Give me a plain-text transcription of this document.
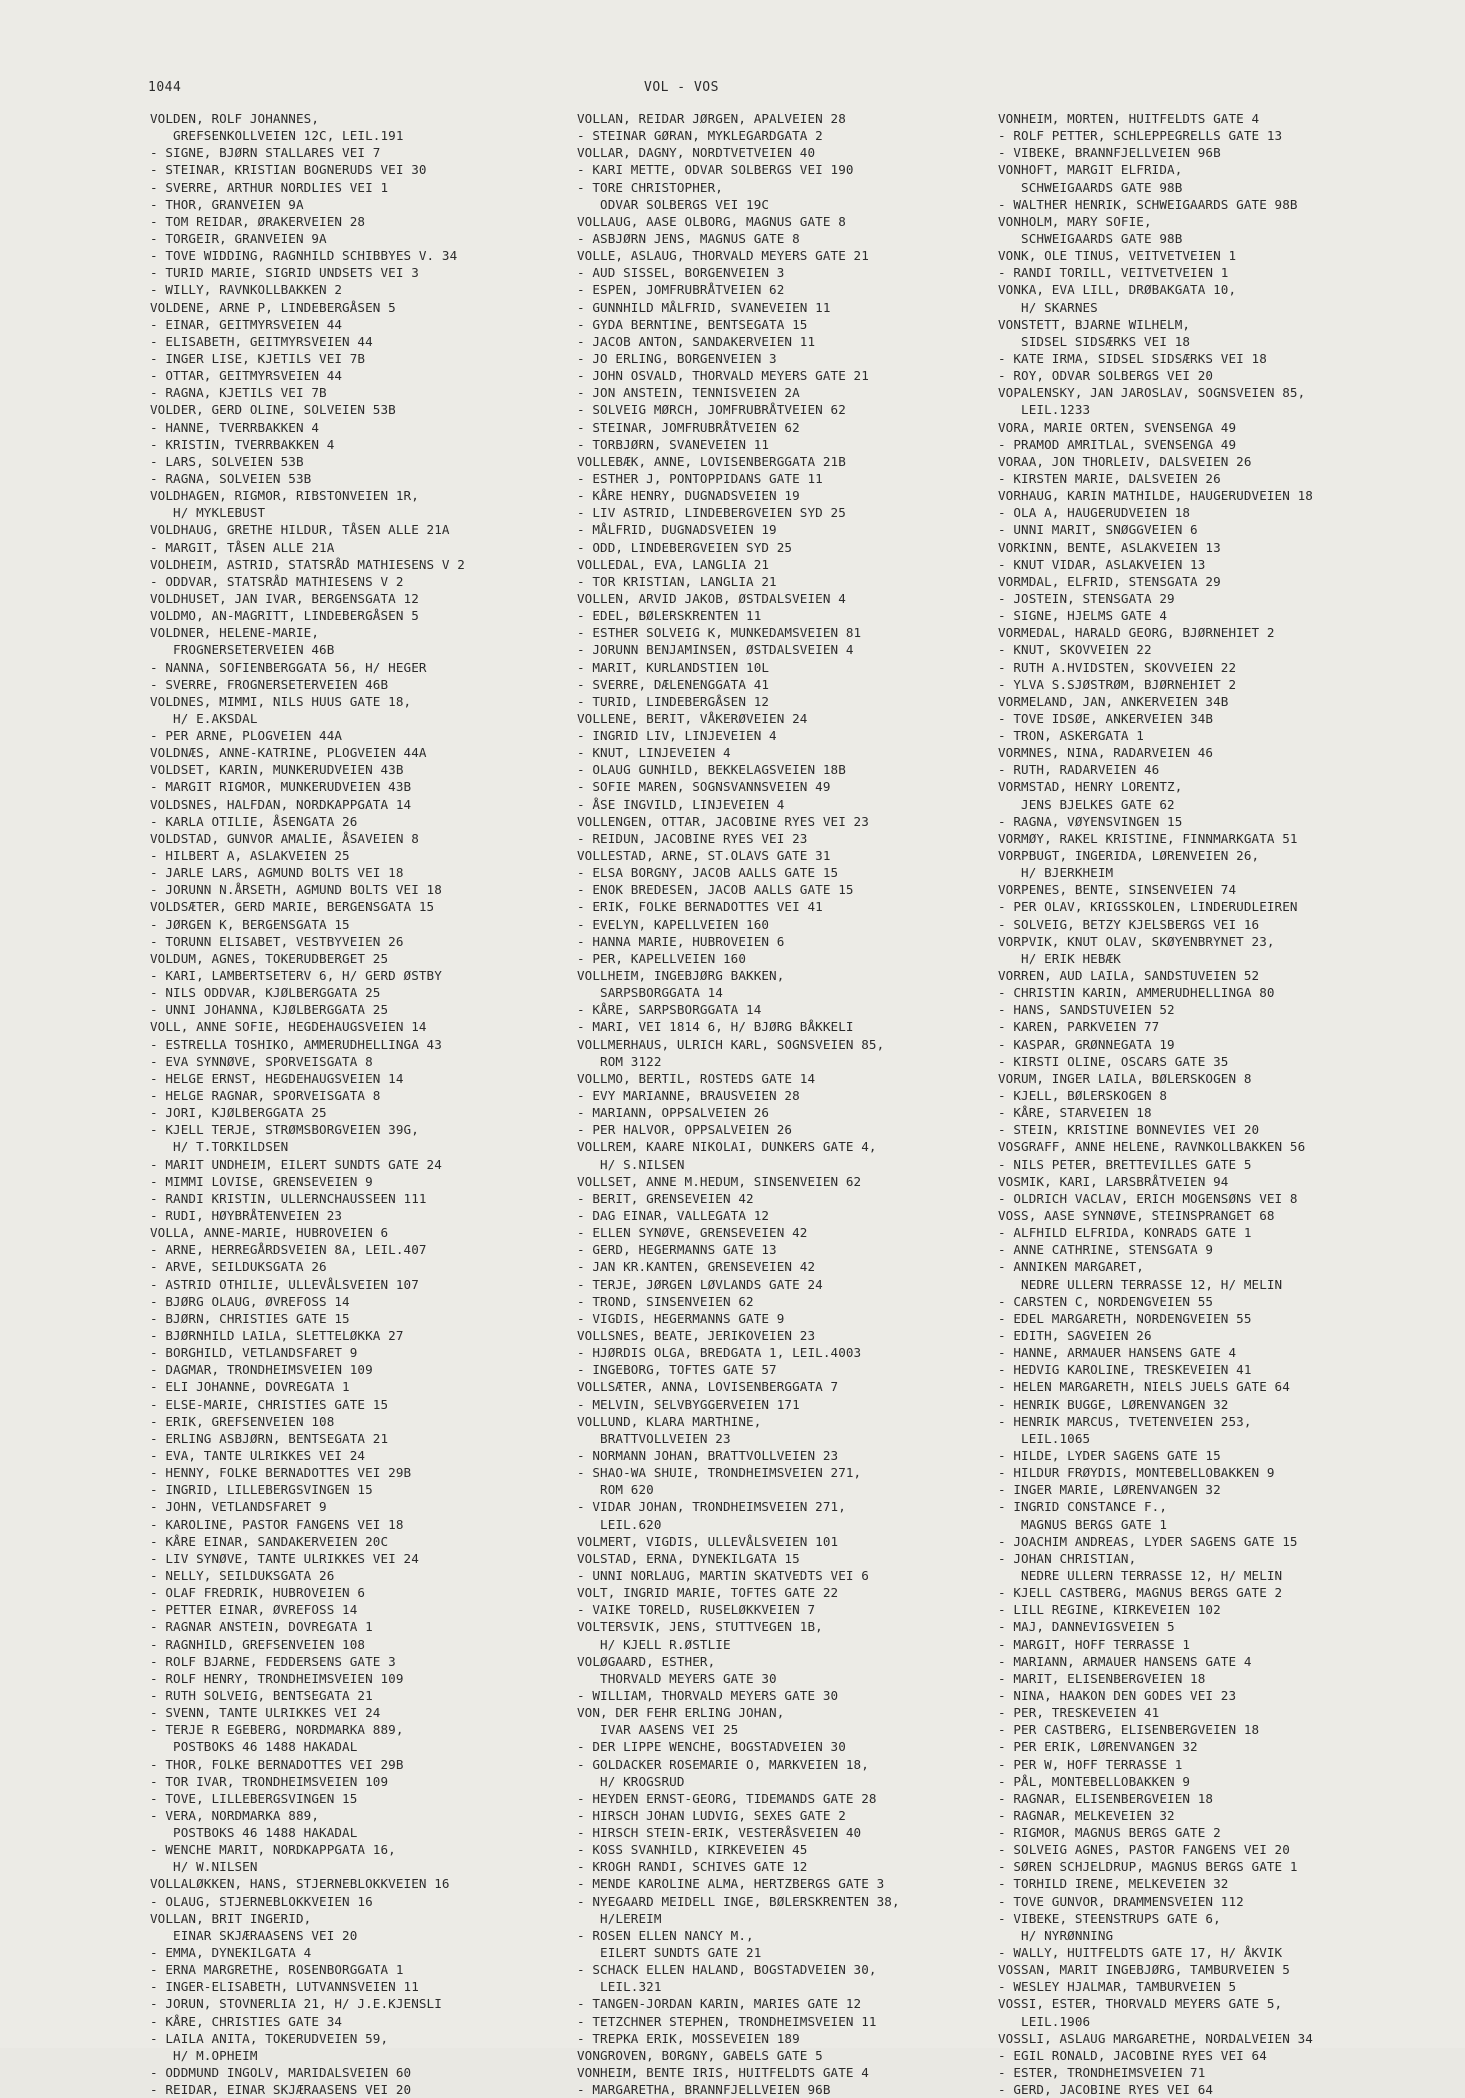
1044	VOL - VOS
VOLDEN, ROLF JOHANNES,
GREFSENKOLLVEIEN 12C, LEIL.191
- SIGNE, BJØRN STALLARES VEI 7
- STEINAR, KRISTIAN BOGNERUDS VEI 30
- SVERRE, ARTHUR NORDLIES VEI 1
- THOR, GRANVEIEN 9A
- TOM REIDAR, ØRAKERVEIEN 28
- TORGEIR, GRANVEIEN 9A
- TOVE WIDDING, RAGNHILD SCHIBBYES V. 34
- TURID MARIE, SIGRID UNDSETS VEI 3
- WILLY, RAVNKOLLBAKKEN 2
VOLDENE, ARNE P, LINDEBERGÅSEN 5
- EINAR, GEITMYRSVEIEN 44
- ELISABETH, GEITMYRSVEIEN 44
- INGER LISE, KJETILS VEI 7B
- OTTAR, GEITMYRSVEIEN 44
- RAGNA, KJETILS VEI 7B
VOLDER, GERD OLINE, SOLVEIEN 53B
- HANNE, TVERRBAKKEN 4
- KRISTIN, TVERRBAKKEN 4
- LARS, SOLVEIEN 53B
- RAGNA, SOLVEIEN 53B
VOLDHAGEN, RIGMOR, RIBSTONVEIEN 1R,
H/ MYKLEBUST
VOLDHAUG, GRETHE HILDUR, TÅSEN ALLE 21A
- MARGIT, TÅSEN ALLE 21A
VOLDHEIM, ASTRID, STATSRÅD MATHIESENS V 2
- ODDVAR, STATSRÅD MATHIESENS V 2
VOLDHUSET, JAN IVAR, BERGENSGATA 12
VOLDMO, AN-MAGRITT, LINDEBERGÅSEN 5
VOLDNER, HELENE-MARIE,
FROGNERSETERVEIEN 46B
- NANNA, SOFIENBERGGATA 56, H/ HEGER
- SVERRE, FROGNERSETERVEIEN 46B
VOLDNES, MIMMI, NILS HUUS GATE 18,
H/ E.AKSDAL
- PER ARNE, PLOGVEIEN 44A
VOLDNÆS, ANNE-KATRINE, PLOGVEIEN 44A
VOLDSET, KARIN, MUNKERUDVEIEN 43B
- MARGIT RIGMOR, MUNKERUDVEIEN 43B
VOLDSNES, HALFDAN, NORDKAPPGATA 14
- KARLA OTILIE, ÅSENGATA 26
VOLDSTAD, GUNVOR AMALIE, ÅSAVEIEN 8
- HILBERT A, ASLAKVEIEN 25
- JARLE LARS, AGMUND BOLTS VEI 18
- JORUNN N.ÅRSETH, AGMUND BOLTS VEI 18
VOLDSÆTER, GERD MARIE, BERGENSGATA 15
- JØRGEN K, BERGENSGATA 15
- TORUNN ELISABET, VESTBYVEIEN 26
VOLDUM, AGNES, TOKERUDBERGET 25
- KARI, LAMBERTSETERV 6, H/ GERD ØSTBY
- NILS ODDVAR, KJØLBERGGATA 25
- UNNI JOHANNA, KJØLBERGGATA 25
VOLL, ANNE SOFIE, HEGDEHAUGSVEIEN 14
- ESTRELLA TOSHIKO, AMMERUDHELLINGA 43
- EVA SYNNØVE, SPORVEISGATA 8
- HELGE ERNST, HEGDEHAUGSVEIEN 14
- HELGE RAGNAR, SPORVEISGATA 8
- JORI, KJØLBERGGATA 25
- KJELL TERJE, STRØMSBORGVEIEN 39G,
H/ T.TORKILDSEN
- MARIT UNDHEIM, EILERT SUNDTS GATE 24
- MIMMI LOVISE, GRENSEVEIEN 9
- RANDI KRISTIN, ULLERNCHAUSSEEN 111
- RUDI, HØYBRÅTENVEIEN 23
VOLLA, ANNE-MARIE, HUBROVEIEN 6
- ARNE, HERREGÅRDSVEIEN 8A, LEIL.407
- ARVE, SEILDUKSGATA 26
- ASTRID OTHILIE, ULLEVÅLSVEIEN 107
- BJØRG OLAUG, ØVREFOSS 14
- BJØRN, CHRISTIES GATE 15
- BJØRNHILD LAILA, SLETTELØKKA 27
- BORGHILD, VETLANDSFARET 9
- DAGMAR, TRONDHEIMSVEIEN 109
- ELI JOHANNE, DOVREGATA 1
- ELSE-MARIE, CHRISTIES GATE 15
- ERIK, GREFSENVEIEN 108
- ERLING ASBJØRN, BENTSEGATA 21
- EVA, TANTE ULRIKKES VEI 24
- HENNY, FOLKE BERNADOTTES VEI 29B
- INGRID, LILLEBERGSVINGEN 15
- JOHN, VETLANDSFARET 9
- KAROLINE, PASTOR FANGENS VEI 18
- KÅRE EINAR, SANDAKERVEIEN 20C
- LIV SYNØVE, TANTE ULRIKKES VEI 24
- NELLY, SEILDUKSGATA 26
- OLAF FREDRIK, HUBROVEIEN 6
- PETTER EINAR, ØVREFOSS 14
- RAGNAR ANSTEIN, DOVREGATA 1
- RAGNHILD, GREFSENVEIEN 108
- ROLF BJARNE, FEDDERSENS GATE 3
- ROLF HENRY, TRONDHEIMSVEIEN 109
- RUTH SOLVEIG, BENTSEGATA 21
- SVENN, TANTE ULRIKKES VEI 24
- TERJE R EGEBERG, NORDMARKA 889,
POSTBOKS 46 1488 HAKADAL
- THOR, FOLKE BERNADOTTES VEI 29B
- TOR IVAR, TRONDHEIMSVEIEN 109
- TOVE, LILLEBERGSVINGEN 15
- VERA, NORDMARKA 889,
POSTBOKS 46 1488 HAKADAL
- WENCHE MARIT, NORDKAPPGATA 16,
H/ W.NILSEN
VOLLALØKKEN, HANS, STJERNEBLOKKVEIEN 16
- OLAUG, STJERNEBLOKKVEIEN 16
VOLLAN, BRIT INGERID,
EINAR SKJÆRAASENS VEI 20
- EMMA, DYNEKILGATA 4
- ERNA MARGRETHE, ROSENBORGGATA 1
- INGER-ELISABETH, LUTVANNSVEIEN 11
- JORUN, STOVNERLIA 21, H/ J.E.KJENSLI
- KÅRE, CHRISTIES GATE 34
- LAILA ANITA, TOKERUDVEIEN 59,
H/ M.OPHEIM
- ODDMUND INGOLV, MARIDALSVEIEN 60
- REIDAR, EINAR SKJÆRAASENS VEI 20
VOLLAN, REIDAR JØRGEN, APALVEIEN 28
- STEINAR GØRAN, MYKLEGARDGATA 2
VOLLAR, DAGNY, NORDTVETVEIEN 40
- KARI METTE, ODVAR SOLBERGS VEI 190
- TORE CHRISTOPHER,
ODVAR SOLBERGS VEI 19C
VOLLAUG, AASE OLBORG, MAGNUS GATE 8
- ASBJØRN JENS, MAGNUS GATE 8
VOLLE, ASLAUG, THORVALD MEYERS GATE 21
- AUD SISSEL, BORGENVEIEN 3
- ESPEN, JOMFRUBRÅTVEIEN 62
- GUNNHILD MÅLFRID, SVANEVEIEN 11
- GYDA BERNTINE, BENTSEGATA 15
- JACOB ANTON, SANDAKERVEIEN 11
- JO ERLING, BORGENVEIEN 3
- JOHN OSVALD, THORVALD MEYERS GATE 21
- JON ANSTEIN, TENNISVEIEN 2A
- SOLVEIG MØRCH, JOMFRUBRÅTVEIEN 62
- STEINAR, JOMFRUBRÅTVEIEN 62
- TORBJØRN, SVANEVEIEN 11
VOLLEBÆK, ANNE, LOVISENBERGGATA 21B
- ESTHER J, PONTOPPIDANS GATE 11
- KÅRE HENRY, DUGNADSVEIEN 19
- LIV ASTRID, LINDEBERGVEIEN SYD 25
- MÅLFRID, DUGNADSVEIEN 19
- ODD, LINDEBERGVEIEN SYD 25
VOLLEDAL, EVA, LANGLIA 21
- TOR KRISTIAN, LANGLIA 21
VOLLEN, ARVID JAKOB, ØSTDALSVEIEN 4
- EDEL, BØLERSKRENTEN 11
- ESTHER SOLVEIG K, MUNKEDAMSVEIEN 81
- JORUNN BENJAMINSEN, ØSTDALSVEIEN 4
- MARIT, KURLANDSTIEN 10L
- SVERRE, DÆLENENGGATA 41
- TURID, LINDEBERGÅSEN 12
VOLLENE, BERIT, VÅKERØVEIEN 24
- INGRID LIV, LINJEVEIEN 4
- KNUT, LINJEVEIEN 4
- OLAUG GUNHILD, BEKKELAGSVEIEN 18B
- SOFIE MAREN, SOGNSVANNSVEIEN 49
- ÅSE INGVILD, LINJEVEIEN 4
VOLLENGEN, OTTAR, JACOBINE RYES VEI 23
- REIDUN, JACOBINE RYES VEI 23
VOLLESTAD, ARNE, ST.OLAVS GATE 31
- ELSA BORGNY, JACOB AALLS GATE 15
- ENOK BREDESEN, JACOB AALLS GATE 15
- ERIK, FOLKE BERNADOTTES VEI 41
- EVELYN, KAPELLVEIEN 160
- HANNA MARIE, HUBROVEIEN 6
- PER, KAPELLVEIEN 160
VOLLHEIM, INGEBJØRG BAKKEN,
SARPSBORGGATA 14
- KÅRE, SARPSBORGGATA 14
- MARI, VEI 1814 6, H/ BJØRG BÅKKELI
VOLLMERHAUS, ULRICH KARL, SOGNSVEIEN 85,
ROM 3122
VOLLMO, BERTIL, ROSTEDS GATE 14
- EVY MARIANNE, BRAUSVEIEN 28
- MARIANN, OPPSALVEIEN 26
- PER HALVOR, OPPSALVEIEN 26
VOLLREM, KAARE NIKOLAI, DUNKERS GATE 4,
H/ S.NILSEN
VOLLSET, ANNE M.HEDUM, SINSENVEIEN 62
- BERIT, GRENSEVEIEN 42
- DAG EINAR, VALLEGATA 12
- ELLEN SYNØVE, GRENSEVEIEN 42
- GERD, HEGERMANNS GATE 13
- JAN KR.KANTEN, GRENSEVEIEN 42
- TERJE, JØRGEN LØVLANDS GATE 24
- TROND, SINSENVEIEN 62
- VIGDIS, HEGERMANNS GATE 9
VOLLSNES, BEATE, JERIKOVEIEN 23
- HJØRDIS OLGA, BREDGATA 1, LEIL.4003
- INGEBORG, TOFTES GATE 57
VOLLSÆTER, ANNA, LOVISENBERGGATA 7
- MELVIN, SELVBYGGERVEIEN 171
VOLLUND, KLARA MARTHINE,
BRATTVOLLVEIEN 23
- NORMANN JOHAN, BRATTVOLLVEIEN 23
- SHAO-WA SHUIE, TRONDHEIMSVEIEN 271,
ROM 620
- VIDAR JOHAN, TRONDHEIMSVEIEN 271,
LEIL.620
VOLMERT, VIGDIS, ULLEVÅLSVEIEN 101
VOLSTAD, ERNA, DYNEKILGATA 15
- UNNI NORLAUG, MARTIN SKATVEDTS VEI 6
VOLT, INGRID MARIE, TOFTES GATE 22
- VAIKE TORELD, RUSELØKKVEIEN 7
VOLTERSVIK, JENS, STUTTVEGEN 1B,
H/ KJELL R.ØSTLIE
VOLØGAARD, ESTHER,
THORVALD MEYERS GATE 30
- WILLIAM, THORVALD MEYERS GATE 30
VON, DER FEHR ERLING JOHAN,
IVAR AASENS VEI 25
- DER LIPPE WENCHE, BOGSTADVEIEN 30
- GOLDACKER ROSEMARIE O, MARKVEIEN 18,
H/ KROGSRUD
- HEYDEN ERNST-GEORG, TIDEMANDS GATE 28
- HIRSCH JOHAN LUDVIG, SEXES GATE 2
- HIRSCH STEIN-ERIK, VESTERÅSVEIEN 40
- KOSS SVANHILD, KIRKEVEIEN 45
- KROGH RANDI, SCHIVES GATE 12
- MENDE KAROLINE ALMA, HERTZBERGS GATE 3
- NYEGAARD MEIDELL INGE, BØLERSKRENTEN 38,
H/LEREIM
- ROSEN ELLEN NANCY M.,
EILERT SUNDTS GATE 21
- SCHACK ELLEN HALAND, BOGSTADVEIEN 30,
LEIL.321
- TANGEN-JORDAN KARIN, MARIES GATE 12
- TETZCHNER STEPHEN, TRONDHEIMSVEIEN 11
- TREPKA ERIK, MOSSEVEIEN 189
VONGROVEN, BORGNY, GABELS GATE 5
VONHEIM, BENTE IRIS, HUITFELDTS GATE 4
- MARGARETHA, BRANNFJELLVEIEN 96B
VONHEIM, MORTEN, HUITFELDTS GATE 4
- ROLF PETTER, SCHLEPPEGRELLS GATE 13
- VIBEKE, BRANNFJELLVEIEN 96B
VONHOFT, MARGIT ELFRIDA,
SCHWEIGAARDS GATE 98B
- WALTHER HENRIK, SCHWEIGAARDS GATE 98B
VONHOLM, MARY SOFIE,
SCHWEIGAARDS GATE 98B
VONK, OLE TINUS, VEITVETVEIEN 1
- RANDI TORILL, VEITVETVEIEN 1
VONKA, EVA LILL, DRØBAKGATA 10,
H/ SKARNES
VONSTETT, BJARNE WILHELM,
SIDSEL SIDSÆRKS VEI 18
- KATE IRMA, SIDSEL SIDSÆRKS VEI 18
- ROY, ODVAR SOLBERGS VEI 20
VOPALENSKY, JAN JAROSLAV, SOGNSVEIEN 85,
LEIL.1233
VORA, MARIE ORTEN, SVENSENGA 49
- PRAMOD AMRITLAL, SVENSENGA 49
VORAA, JON THORLEIV, DALSVEIEN 26
- KIRSTEN MARIE, DALSVEIEN 26
VORHAUG, KARIN MATHILDE, HAUGERUDVEIEN 18
- OLA A, HAUGERUDVEIEN 18
- UNNI MARIT, SNØGGVEIEN 6
VORKINN, BENTE, ASLAKVEIEN 13
- KNUT VIDAR, ASLAKVEIEN 13
VORMDAL, ELFRID, STENSGATA 29
- JOSTEIN, STENSGATA 29
- SIGNE, HJELMS GATE 4
VORMEDAL, HARALD GEORG, BJØRNEHIET 2
- KNUT, SKOVVEIEN 22
- RUTH A.HVIDSTEN, SKOVVEIEN 22
- YLVA S.SJØSTRØM, BJØRNEHIET 2
VORMELAND, JAN, ANKERVEIEN 34B
- TOVE IDSØE, ANKERVEIEN 34B
- TRON, ASKERGATA 1
VORMNES, NINA, RADARVEIEN 46
- RUTH, RADARVEIEN 46
VORMSTAD, HENRY LORENTZ,
JENS BJELKES GATE 62
- RAGNA, VØYENSVINGEN 15
VORMØY, RAKEL KRISTINE, FINNMARKGATA 51
VORPBUGT, INGERIDA, LØRENVEIEN 26,
H/ BJERKHEIM
VORPENES, BENTE, SINSENVEIEN 74
- PER OLAV, KRIGSSKOLEN, LINDERUDLEIREN
- SOLVEIG, BETZY KJELSBERGS VEI 16
VORPVIK, KNUT OLAV, SKØYENBRYNET 23,
H/ ERIK HEBÆK
VORREN, AUD LAILA, SANDSTUVEIEN 52
- CHRISTIN KARIN, AMMERUDHELLINGA 80
- HANS, SANDSTUVEIEN 52
- KAREN, PARKVEIEN 77
- KASPAR, GRØNNEGATA 19
- KIRSTI OLINE, OSCARS GATE 35
VORUM, INGER LAILA, BØLERSKOGEN 8
- KJELL, BØLERSKOGEN 8
- KÅRE, STARVEIEN 18
- STEIN, KRISTINE BONNEVIES VEI 20
VOSGRAFF, ANNE HELENE, RAVNKOLLBAKKEN 56
- NILS PETER, BRETTEVILLES GATE 5
VOSMIK, KARI, LARSBRÅTVEIEN 94
- OLDRICH VACLAV, ERICH MOGENSØNS VEI 8
VOSS, AASE SYNNØVE, STEINSPRANGET 68
- ALFHILD ELFRIDA, KONRADS GATE 1
- ANNE CATHRINE, STENSGATA 9
- ANNIKEN MARGARET,
NEDRE ULLERN TERRASSE 12, H/ MELIN
- CARSTEN C, NORDENGVEIEN 55
- EDEL MARGARETH, NORDENGVEIEN 55
- EDITH, SAGVEIEN 26
- HANNE, ARMAUER HANSENS GATE 4
- HEDVIG KAROLINE, TRESKEVEIEN 41
- HELEN MARGARETH, NIELS JUELS GATE 64
- HENRIK BUGGE, LØRENVANGEN 32
- HENRIK MARCUS, TVETENVEIEN 253,
LEIL.1065
- HILDE, LYDER SAGENS GATE 15
- HILDUR FRØYDIS, MONTEBELLOBAKKEN 9
- INGER MARIE, LØRENVANGEN 32
- INGRID CONSTANCE F.,
MAGNUS BERGS GATE 1
- JOACHIM ANDREAS, LYDER SAGENS GATE 15
- JOHAN CHRISTIAN,
NEDRE ULLERN TERRASSE 12, H/ MELIN
- KJELL CASTBERG, MAGNUS BERGS GATE 2
- LILL REGINE, KIRKEVEIEN 102
- MAJ, DANNEVIGSVEIEN 5
- MARGIT, HOFF TERRASSE 1
- MARIANN, ARMAUER HANSENS GATE 4
- MARIT, ELISENBERGVEIEN 18
- NINA, HAAKON DEN GODES VEI 23
- PER, TRESKEVEIEN 41
- PER CASTBERG, ELISENBERGVEIEN 18
- PER ERIK, LØRENVANGEN 32
- PER W, HOFF TERRASSE 1
- PÅL, MONTEBELLOBAKKEN 9
- RAGNAR, ELISENBERGVEIEN 18
- RAGNAR, MELKEVEIEN 32
- RIGMOR, MAGNUS BERGS GATE 2
- SOLVEIG AGNES, PASTOR FANGENS VEI 20
- SØREN SCHJELDRUP, MAGNUS BERGS GATE 1
- TORHILD IRENE, MELKEVEIEN 32
- TOVE GUNVOR, DRAMMENSVEIEN 112
- VIBEKE, STEENSTRUPS GATE 6,
H/ NYRØNNING
- WALLY, HUITFELDTS GATE 17, H/ ÅKVIK
VOSSAN, MARIT INGEBJØRG, TAMBURVEIEN 5
- WESLEY HJALMAR, TAMBURVEIEN 5
VOSSI, ESTER, THORVALD MEYERS GATE 5,
LEIL.1906
VOSSLI, ASLAUG MARGARETHE, NORDALVEIEN 34
- EGIL RONALD, JACOBINE RYES VEI 64
- ESTER, TRONDHEIMSVEIEN 71
- GERD, JACOBINE RYES VEI 64
